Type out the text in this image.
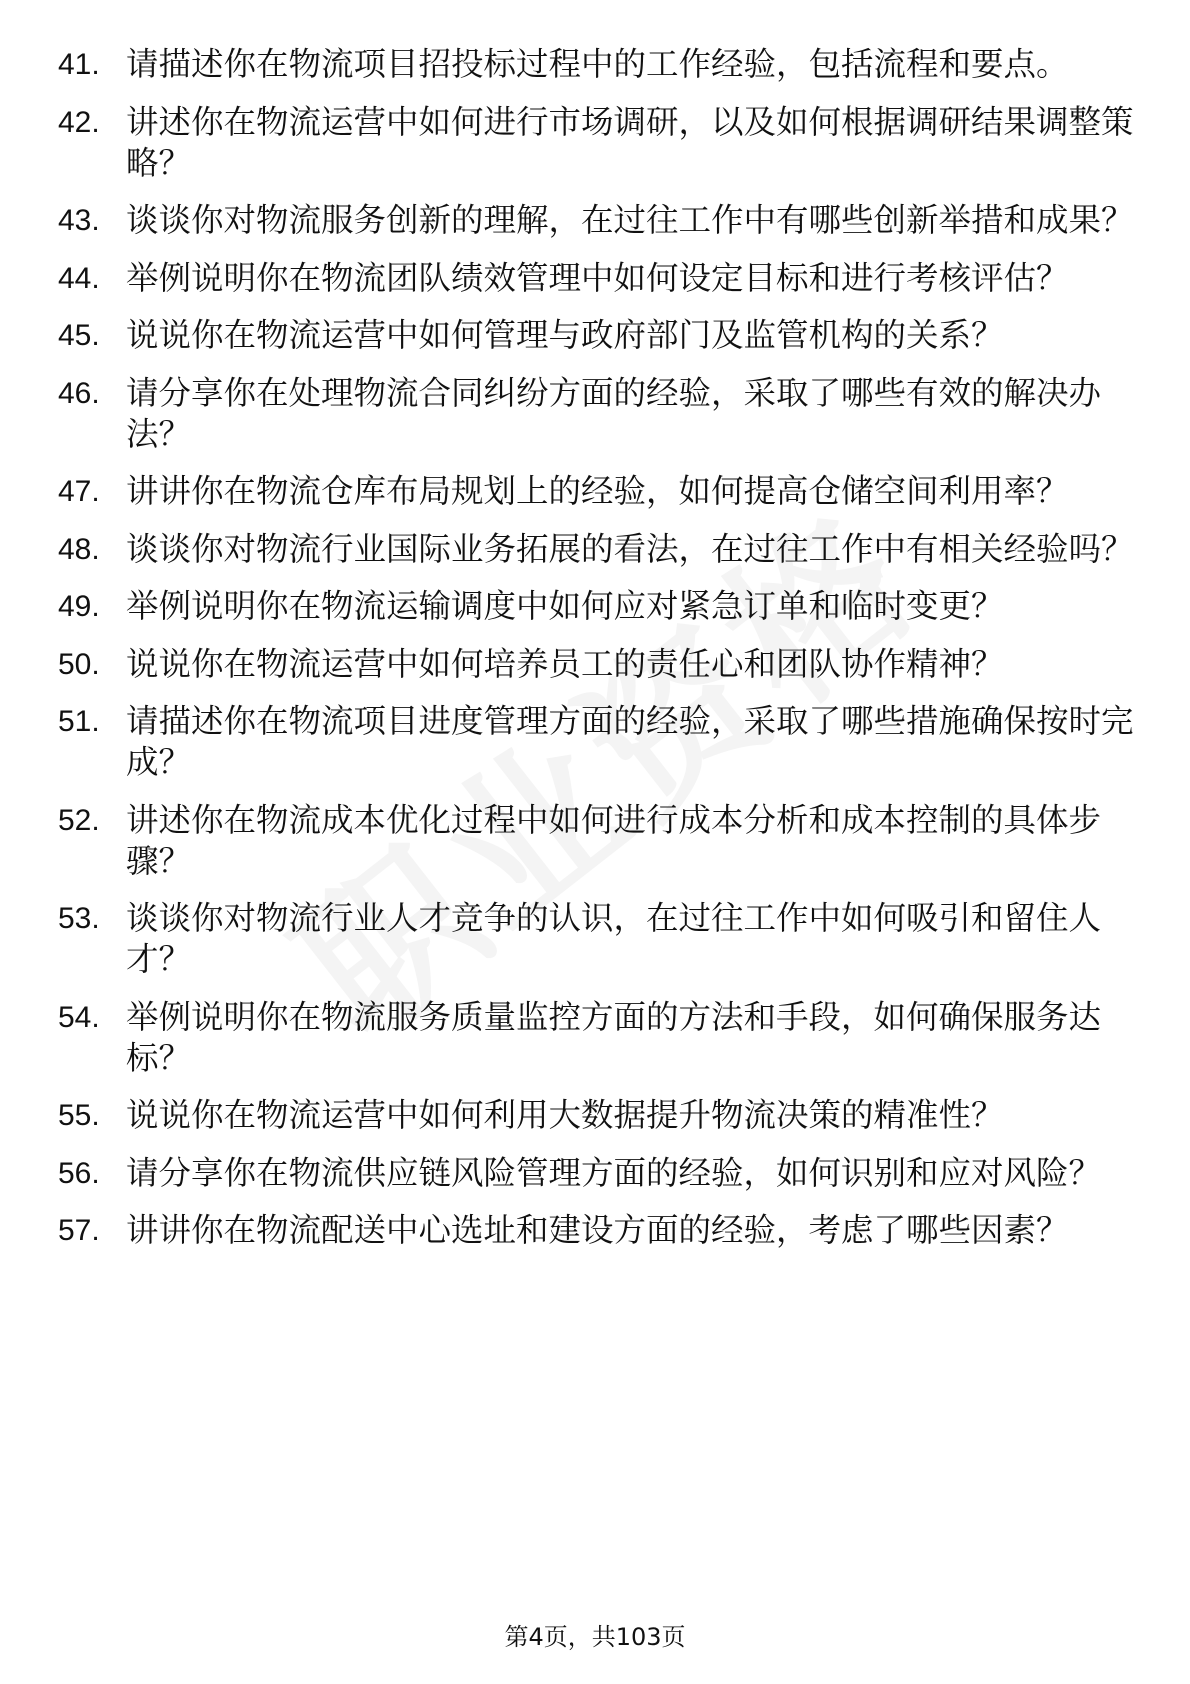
41. 请描述你在物流项目招投标过程中的工作经验，包括流程和要点。
42. 讲述你在物流运营中如何进行市场调研，以及如何根据调研结果调整策略？
43. 谈谈你对物流服务创新的理解，在过往工作中有哪些创新举措和成果？
44. 举例说明你在物流团队绩效管理中如何设定目标和进行考核评估？
45. 说说你在物流运营中如何管理与政府部门及监管机构的关系？
46. 请分享你在处理物流合同纠纷方面的经验，采取了哪些有效的解决办法？
47. 讲讲你在物流仓库布局规划上的经验，如何提高仓储空间利用率？
48. 谈谈你对物流行业国际业务拓展的看法，在过往工作中有相关经验吗？
49. 举例说明你在物流运输调度中如何应对紧急订单和临时变更？
50. 说说你在物流运营中如何培养员工的责任心和团队协作精神？
51. 请描述你在物流项目进度管理方面的经验，采取了哪些措施确保按时完成？
52. 讲述你在物流成本优化过程中如何进行成本分析和成本控制的具体步骤？
53. 谈谈你对物流行业人才竞争的认识，在过往工作中如何吸引和留住人才？
54. 举例说明你在物流服务质量监控方面的方法和手段，如何确保服务达标？
55. 说说你在物流运营中如何利用大数据提升物流决策的精准性？
56. 请分享你在物流供应链风险管理方面的经验，如何识别和应对风险？
57. 讲讲你在物流配送中心选址和建设方面的经验，考虑了哪些因素？
第4页，共103页
